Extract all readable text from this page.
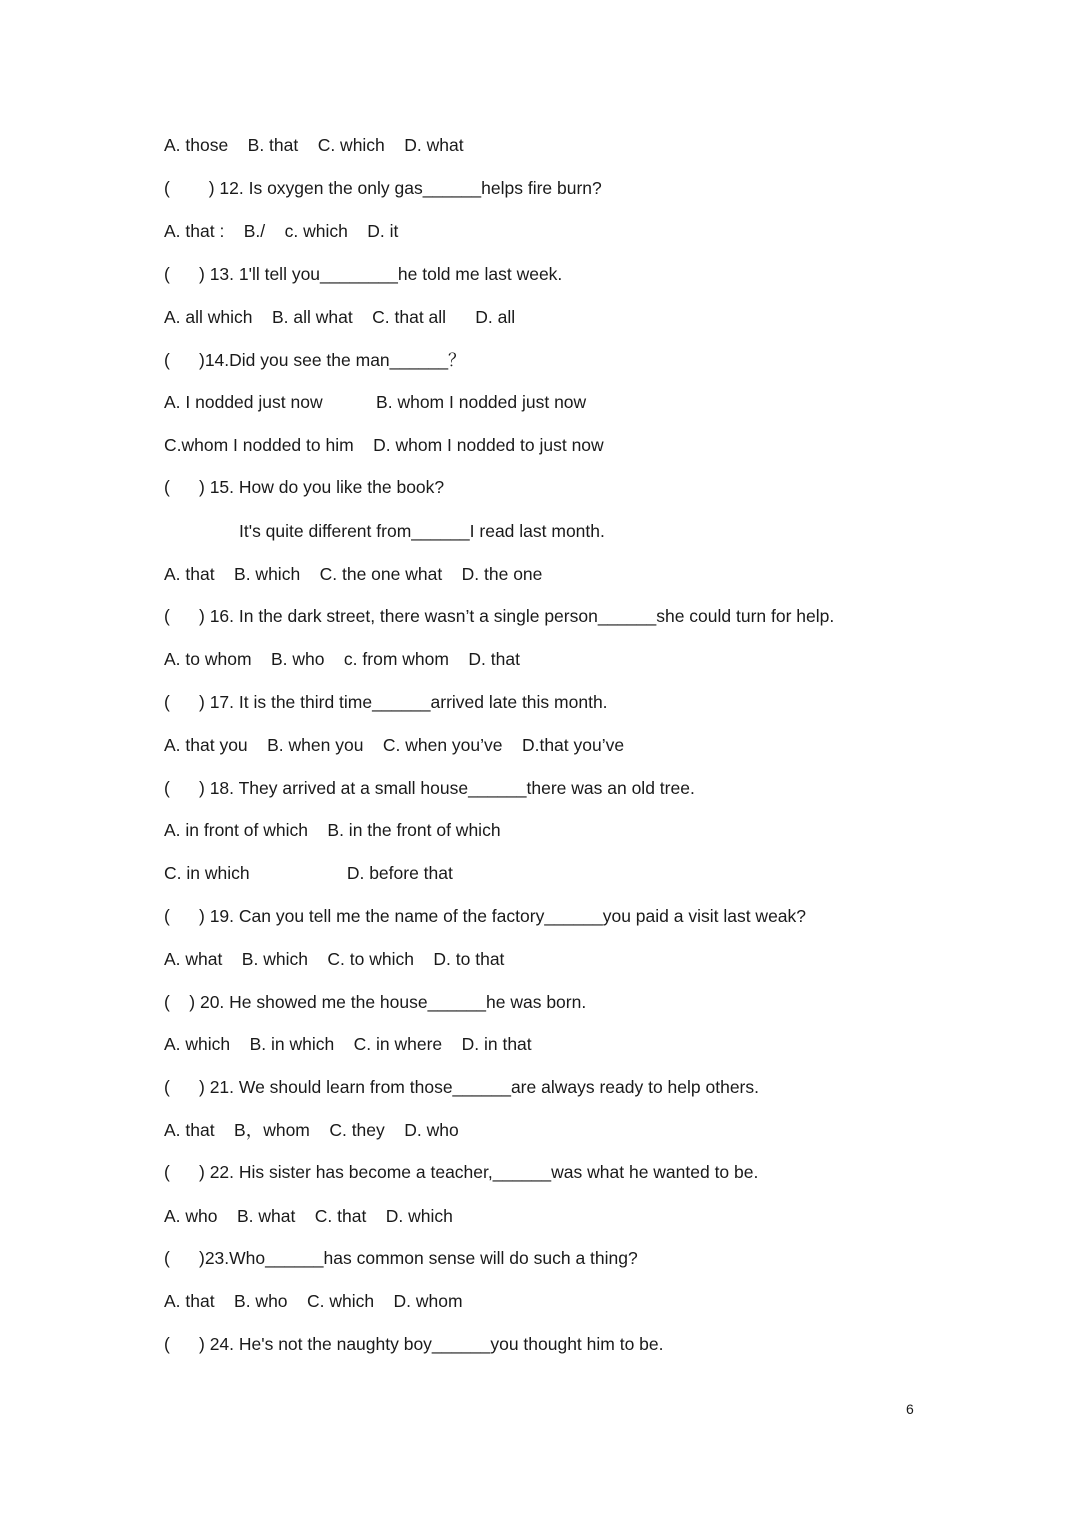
A. those    B. that    C. which    D. what
(        ) 12. Is oxygen the only gas______helps fire burn?
A. that :    B./    c. which    D. it
(      ) 13. 1'll tell you________he told me last week.
A. all which    B. all what    C. that all      D. all
(      )14.Did you see the man______？
A. I nodded just now           B. whom I nodded just now
C.whom I nodded to him    D. whom I nodded to just now
(      ) 15. How do you like the book?
It's quite different from______I read last month.
A. that    B. which    C. the one what    D. the one
(      ) 16. In the dark street, there wasn’t a single person______she could turn for help.
A. to whom    B. who    c. from whom    D. that
(      ) 17. It is the third time______arrived late this month.
A. that you    B. when you    C. when you’ve    D.that you’ve
(      ) 18. They arrived at a small house______there was an old tree.
A. in front of which    B. in the front of which
C. in which                    D. before that
(      ) 19. Can you tell me the name of the factory______you paid a visit last weak?
A. what    B. which    C. to which    D. to that
(    ) 20. He showed me the house______he was born.
A. which    B. in which    C. in where    D. in that
(      ) 21. We should learn from those______are always ready to help others.
A. that    B，whom    C. they    D. who
(      ) 22. His sister has become a teacher,______was what he wanted to be.
A. who    B. what    C. that    D. which
(      )23.Who______has common sense will do such a thing?
A. that    B. who    C. which    D. whom
(      ) 24. He's not the naughty boy______you thought him to be.
6
